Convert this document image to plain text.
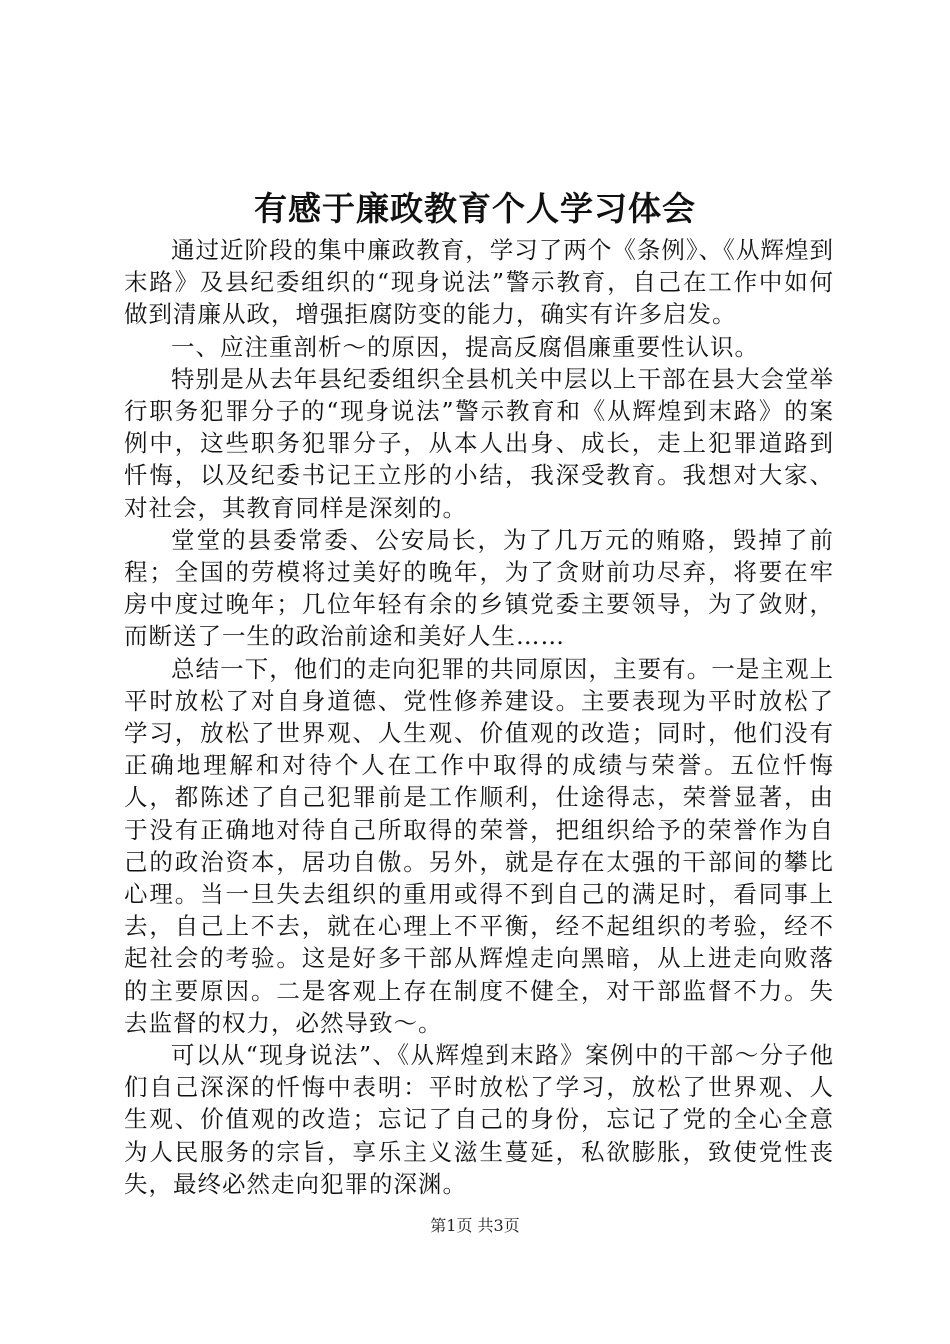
有感于廉政教育个人学习体会

通过近阶段的集中廉政教育，学习了两个《条例》、《从辉煌到末路》及县纪委组织的“现身说法”警示教育，自己在工作中如何做到清廉从政，增强拒腐防变的能力，确实有许多启发。

一、应注重剖析～的原因，提高反腐倡廉重要性认识。

特别是从去年县纪委组织全县机关中层以上干部在县大会堂举行职务犯罪分子的“现身说法”警示教育和《从辉煌到末路》的案例中，这些职务犯罪分子，从本人出身、成长，走上犯罪道路到忏悔，以及纪委书记王立彤的小结，我深受教育。我想对大家、对社会，其教育同样是深刻的。

堂堂的县委常委、公安局长，为了几万元的贿赂，毁掉了前程；全国的劳模将过美好的晚年，为了贪财前功尽弃，将要在牢房中度过晚年；几位年轻有余的乡镇党委主要领导，为了敛财，而断送了一生的政治前途和美好人生……

总结一下，他们的走向犯罪的共同原因，主要有。一是主观上平时放松了对自身道德、党性修养建设。主要表现为平时放松了学习，放松了世界观、人生观、价值观的改造；同时，他们没有正确地理解和对待个人在工作中取得的成绩与荣誉。五位忏悔人，都陈述了自己犯罪前是工作顺利，仕途得志，荣誉显著，由于没有正确地对待自己所取得的荣誉，把组织给予的荣誉作为自己的政治资本，居功自傲。另外，就是存在太强的干部间的攀比心理。当一旦失去组织的重用或得不到自己的满足时，看同事上去，自己上不去，就在心理上不平衡，经不起组织的考验，经不起社会的考验。这是好多干部从辉煌走向黑暗，从上进走向败落的主要原因。二是客观上存在制度不健全，对干部监督不力。失去监督的权力，必然导致～。

可以从“现身说法”、《从辉煌到末路》案例中的干部～分子他们自己深深的忏悔中表明：平时放松了学习，放松了世界观、人生观、价值观的改造；忘记了自己的身份，忘记了党的全心全意为人民服务的宗旨，享乐主义滋生蔓延，私欲膨胀，致使党性丧失，最终必然走向犯罪的深渊。

第1页 共3页
